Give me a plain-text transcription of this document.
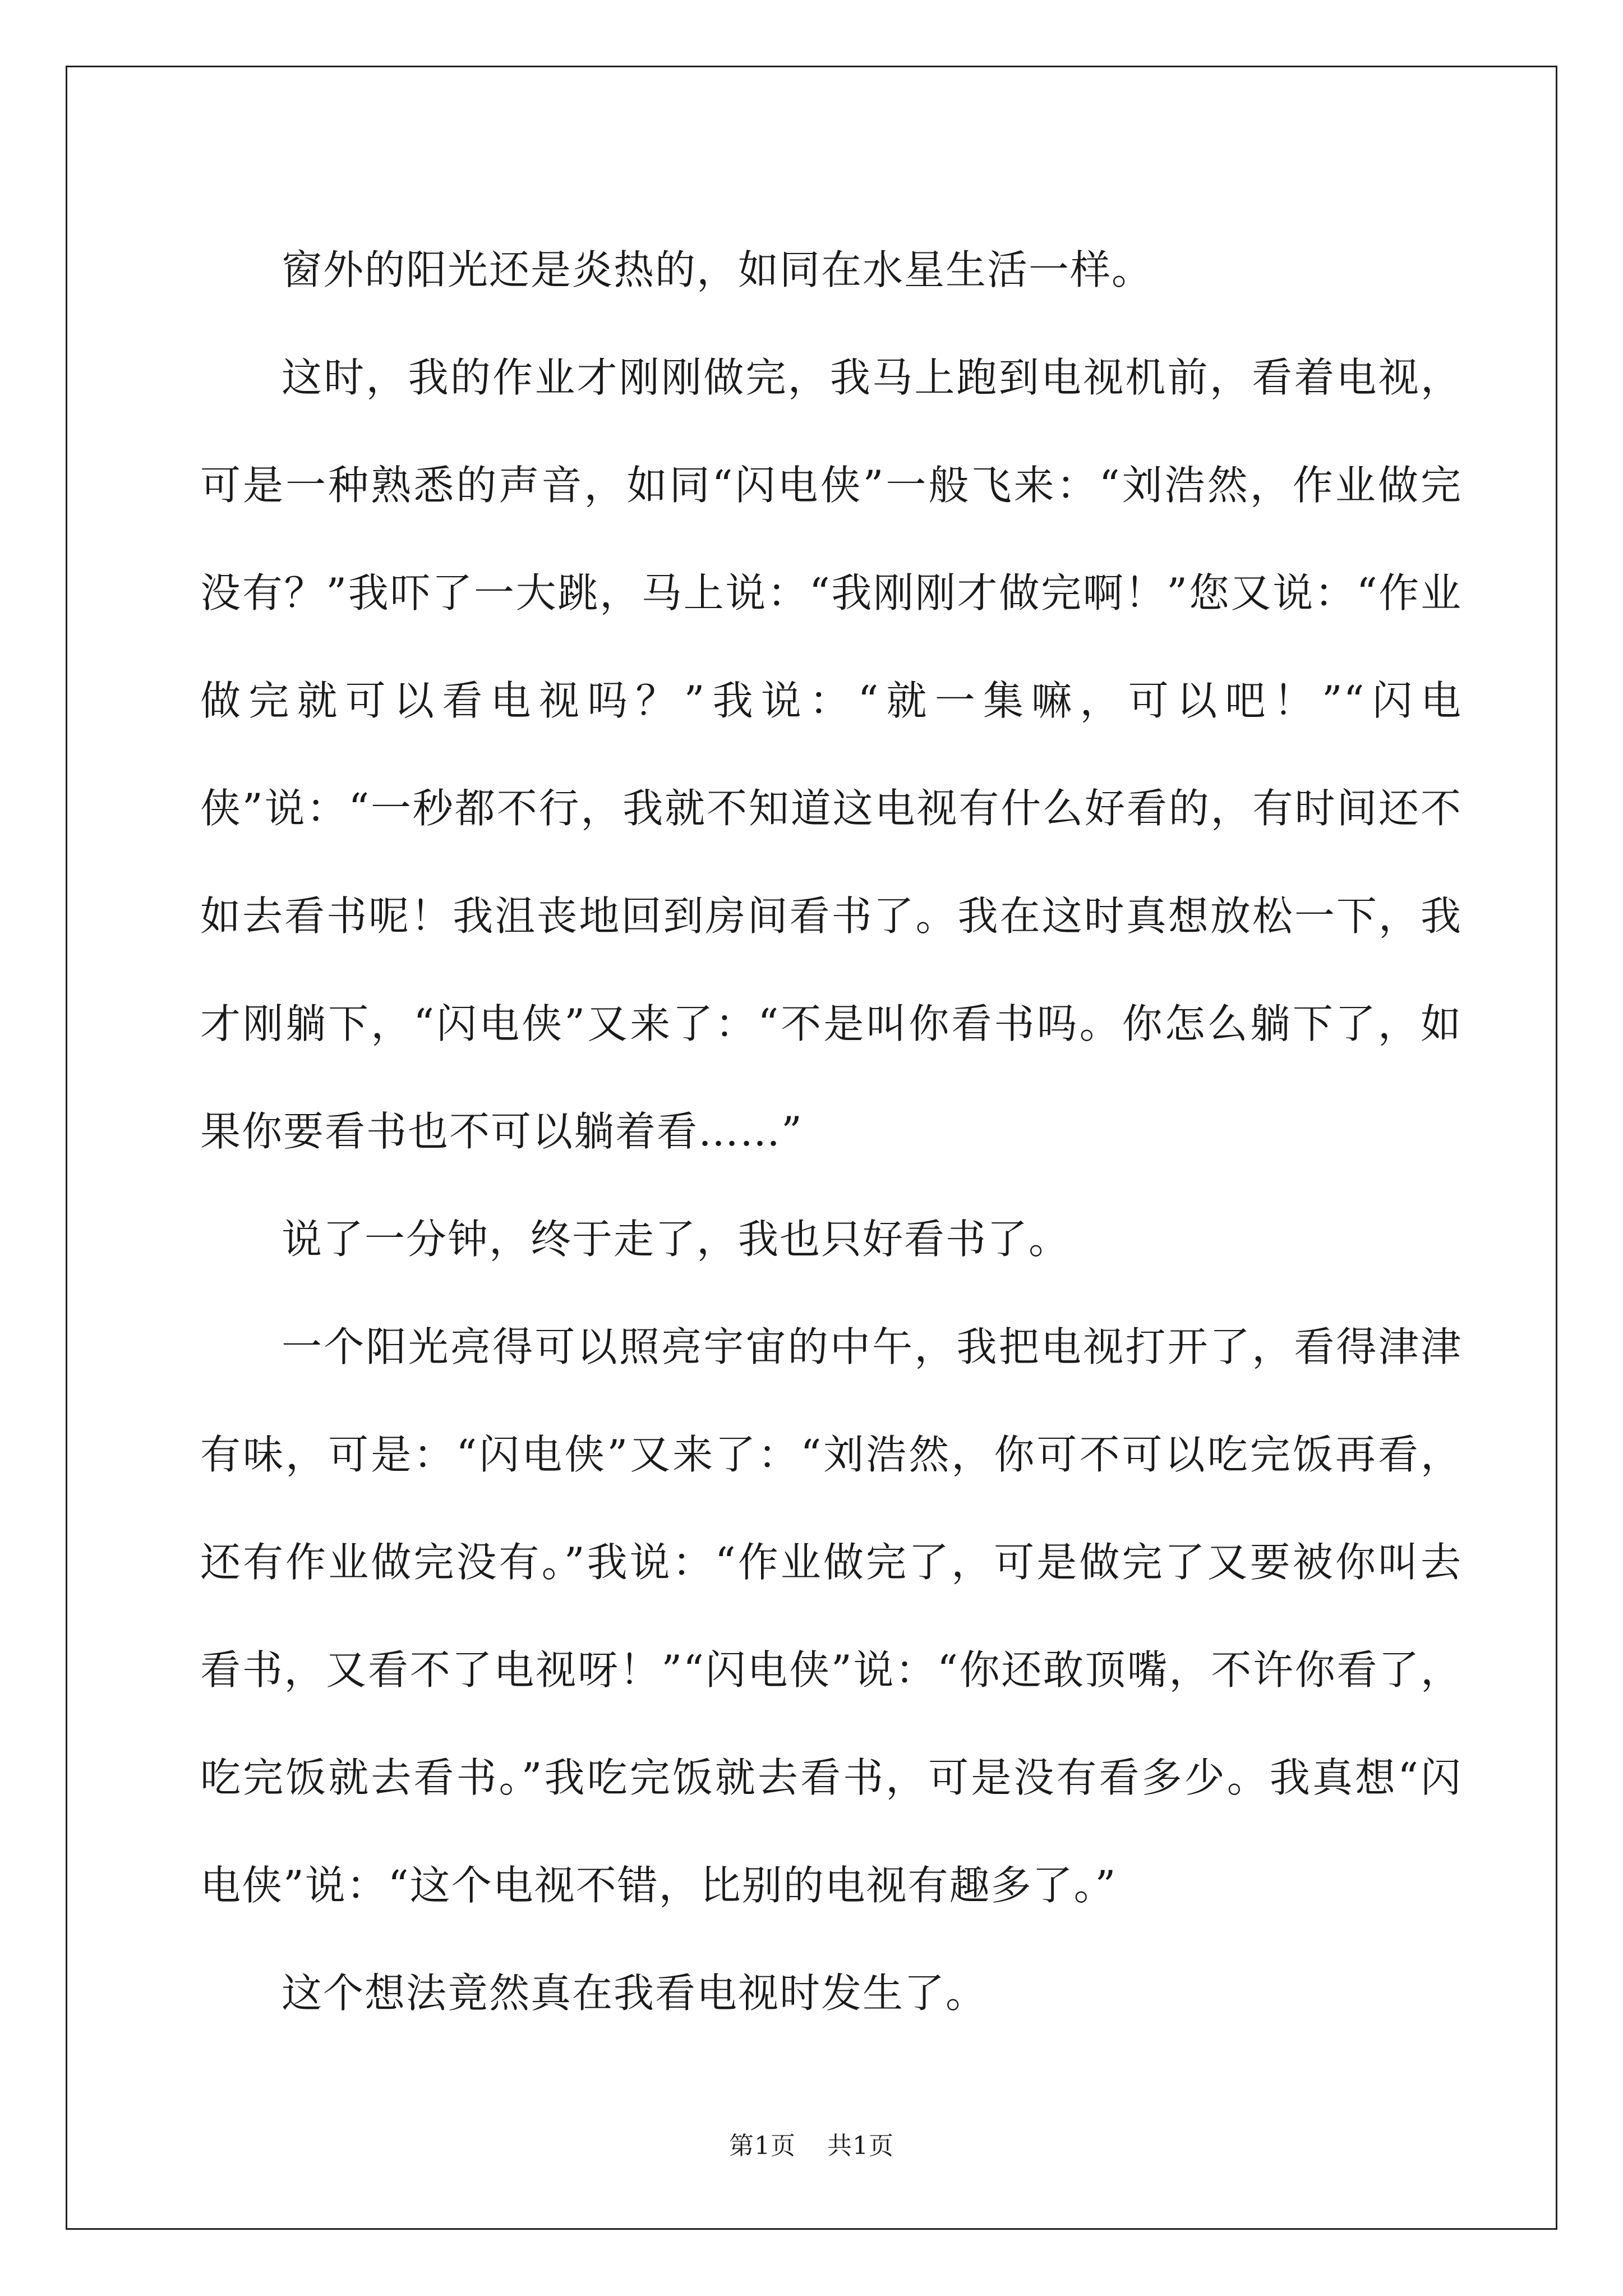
窗外的阳光还是炎热的，如同在水星生活一样。

这时，我的作业才刚刚做完，我马上跑到电视机前，看着电视，可是一种熟悉的声音，如同“闪电侠”一般飞来：“刘浩然，作业做完没有？”我吓了一大跳，马上说：“我刚刚才做完啊！”您又说：“作业做完就可以看电视吗？”我说：“就一集嘛，可以吧！”“闪电侠”说：“一秒都不行，我就不知道这电视有什么好看的，有时间还不如去看书呢！我沮丧地回到房间看书了。我在这时真想放松一下，我才刚躺下，“闪电侠”又来了：“不是叫你看书吗。你怎么躺下了，如果你要看书也不可以躺着看……”

说了一分钟，终于走了，我也只好看书了。

一个阳光亮得可以照亮宇宙的中午，我把电视打开了，看得津津有味，可是：“闪电侠”又来了：“刘浩然，你可不可以吃完饭再看，还有作业做完没有。”我说：“作业做完了，可是做完了又要被你叫去看书，又看不了电视呀！”“闪电侠”说：“你还敢顶嘴，不许你看了，吃完饭就去看书。”我吃完饭就去看书，可是没有看多少。我真想“闪电侠”说：“这个电视不错，比别的电视有趣多了。”

这个想法竟然真在我看电视时发生了。

第1页 共1页
